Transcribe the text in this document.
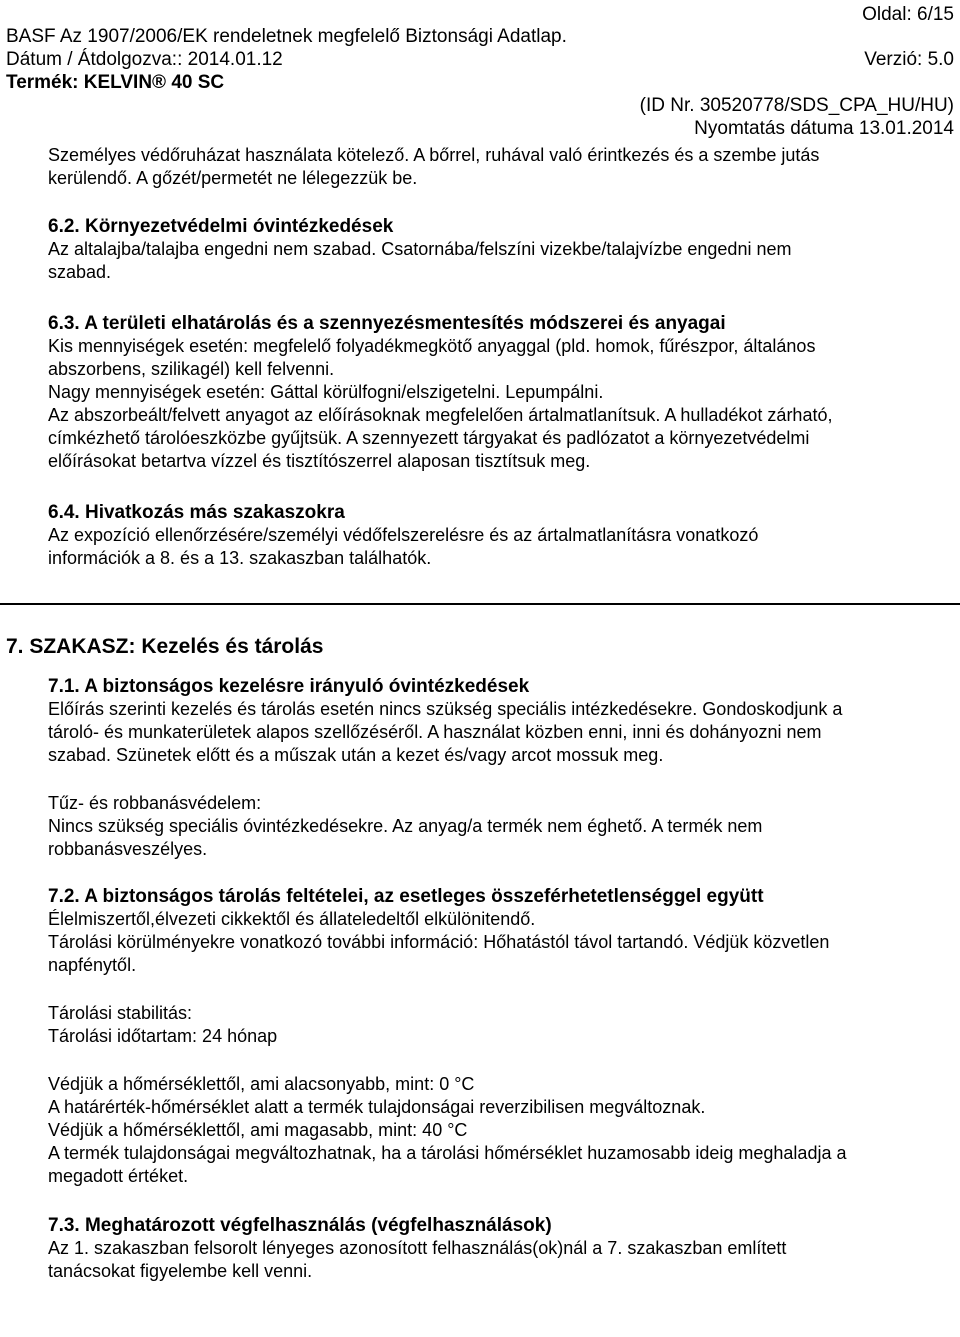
Oldal: 6/15
BASF Az 1907/2006/EK rendeletnek megfelelő Biztonsági Adatlap.
Dátum / Átdolgozva:: 2014.01.12	Verzió: 5.0
Termék: KELVIN® 40 SC
(ID Nr. 30520778/SDS_CPA_HU/HU)
Nyomtatás dátuma 13.01.2014

Személyes védőruházat használata kötelező. A bőrrel, ruhával való érintkezés és a szembe jutás

kerülendő. A gőzét/permetét ne lélegezzük be.

6.2. Környezetvédelmi óvintézkedések

Az altalajba/talajba engedni nem szabad. Csatornába/felszíni vizekbe/talajvízbe engedni nem

szabad.

6.3. A területi elhatárolás és a szennyezésmentesítés módszerei és anyagai

Kis mennyiségek esetén: megfelelő folyadékmegkötő anyaggal (pld. homok, fűrészpor, általános

abszorbens, szilikagél) kell felvenni.

Nagy mennyiségek esetén: Gáttal körülfogni/elszigetelni. Lepumpálni.

Az abszorbeált/felvett anyagot az előírásoknak megfelelően ártalmatlanítsuk. A hulladékot zárható,

címkézhető tárolóeszközbe gyűjtsük. A szennyezett tárgyakat és padlózatot a környezetvédelmi

előírásokat betartva vízzel és tisztítószerrel alaposan tisztítsuk meg.

6.4. Hivatkozás más szakaszokra

Az expozíció ellenőrzésére/személyi védőfelszerelésre és az ártalmatlanításra vonatkozó

információk a 8. és a 13. szakaszban találhatók.

7. SZAKASZ: Kezelés és tárolás

7.1. A biztonságos kezelésre irányuló óvintézkedések

Előírás szerinti kezelés és tárolás esetén nincs szükség speciális intézkedésekre. Gondoskodjunk a

tároló- és munkaterületek alapos szellőzéséről. A használat közben enni, inni és dohányozni nem

szabad. Szünetek előtt és a műszak után a kezet és/vagy arcot mossuk meg.

Tűz- és robbanásvédelem:

Nincs szükség speciális óvintézkedésekre. Az anyag/a termék nem éghető. A termék nem

robbanásveszélyes.

7.2. A biztonságos tárolás feltételei, az esetleges összeférhetetlenséggel együtt

Élelmiszertől,élvezeti cikkektől és állateledeltől elkülönitendő.

Tárolási körülményekre vonatkozó további információ: Hőhatástól távol tartandó. Védjük közvetlen

napfénytől.

Tárolási stabilitás:

Tárolási időtartam: 24 hónap

Védjük a hőmérséklettől, ami alacsonyabb, mint: 0 °C

A határérték-hőmérséklet alatt a termék tulajdonságai reverzibilisen megváltoznak.

Védjük a hőmérséklettől, ami magasabb, mint: 40 °C

A termék tulajdonságai megváltozhatnak, ha a tárolási hőmérséklet huzamosabb ideig meghaladja a

megadott értéket.

7.3. Meghatározott végfelhasználás (végfelhasználások)

Az 1. szakaszban felsorolt lényeges azonosított felhasználás(ok)nál a 7. szakaszban említett

tanácsokat figyelembe kell venni.
